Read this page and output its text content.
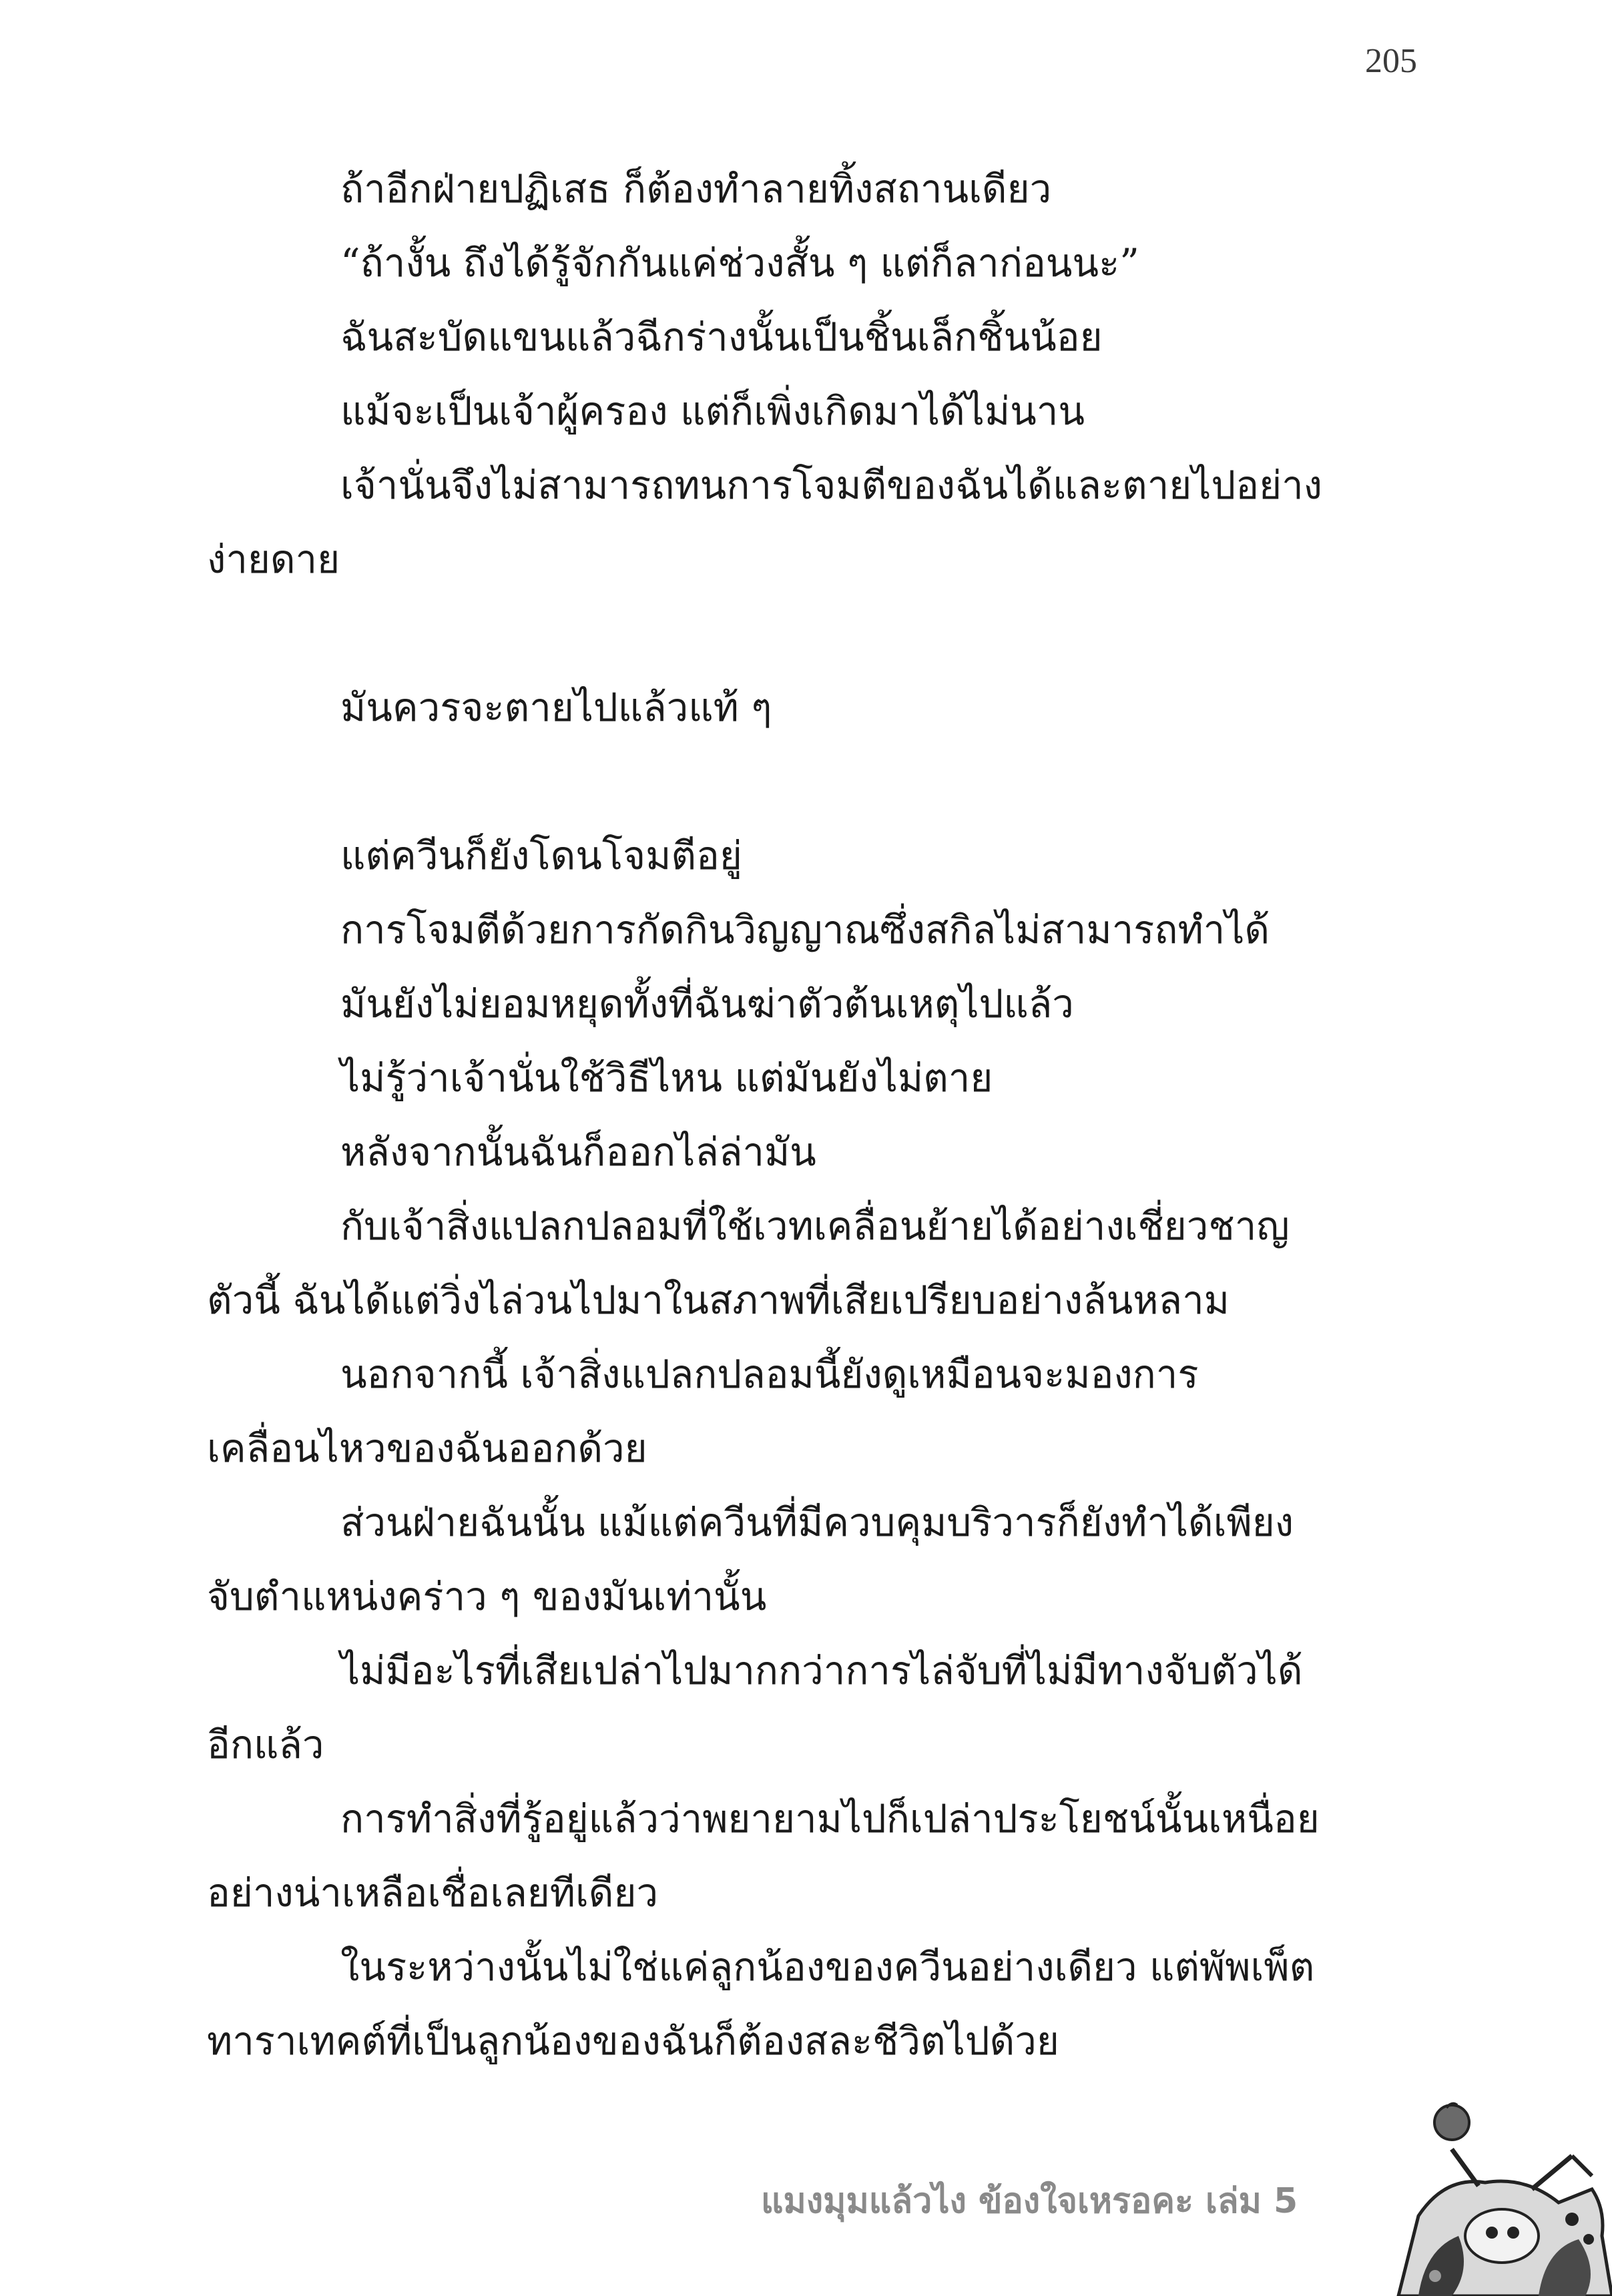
205
ถ้าอีกฝ่ายปฏิเสธ ก็ต้องทำลายทิ้งสถานเดียว
“ถ้างั้น ถึงได้รู้จักกันแค่ช่วงสั้น ๆ แต่ก็ลาก่อนนะ”
ฉันสะบัดแขนแล้วฉีกร่างนั้นเป็นชิ้นเล็กชิ้นน้อย
แม้จะเป็นเจ้าผู้ครอง แต่ก็เพิ่งเกิดมาได้ไม่นาน
เจ้านั่นจึงไม่สามารถทนการโจมตีของฉันได้และตายไปอย่าง
ง่ายดาย
มันควรจะตายไปแล้วแท้ ๆ
แต่ควีนก็ยังโดนโจมตีอยู่
การโจมตีด้วยการกัดกินวิญญาณซึ่งสกิลไม่สามารถทำได้
มันยังไม่ยอมหยุดทั้งที่ฉันฆ่าตัวต้นเหตุไปแล้ว
ไม่รู้ว่าเจ้านั่นใช้วิธีไหน แต่มันยังไม่ตาย
หลังจากนั้นฉันก็ออกไล่ล่ามัน
กับเจ้าสิ่งแปลกปลอมที่ใช้เวทเคลื่อนย้ายได้อย่างเชี่ยวชาญ
ตัวนี้ ฉันได้แต่วิ่งไล่วนไปมาในสภาพที่เสียเปรียบอย่างล้นหลาม
นอกจากนี้ เจ้าสิ่งแปลกปลอมนี้ยังดูเหมือนจะมองการ
เคลื่อนไหวของฉันออกด้วย
ส่วนฝ่ายฉันนั้น แม้แต่ควีนที่มีควบคุมบริวารก็ยังทำได้เพียง
จับตำแหน่งคร่าว ๆ ของมันเท่านั้น
ไม่มีอะไรที่เสียเปล่าไปมากกว่าการไล่จับที่ไม่มีทางจับตัวได้
อีกแล้ว
การทำสิ่งที่รู้อยู่แล้วว่าพยายามไปก็เปล่าประโยชน์นั้นเหนื่อย
อย่างน่าเหลือเชื่อเลยทีเดียว
ในระหว่างนั้นไม่ใช่แค่ลูกน้องของควีนอย่างเดียว แต่พัพเพ็ต
ทาราเทคต์ที่เป็นลูกน้องของฉันก็ต้องสละชีวิตไปด้วย
แมงมุมแล้วไง ข้องใจเหรอคะ เล่ม 5
